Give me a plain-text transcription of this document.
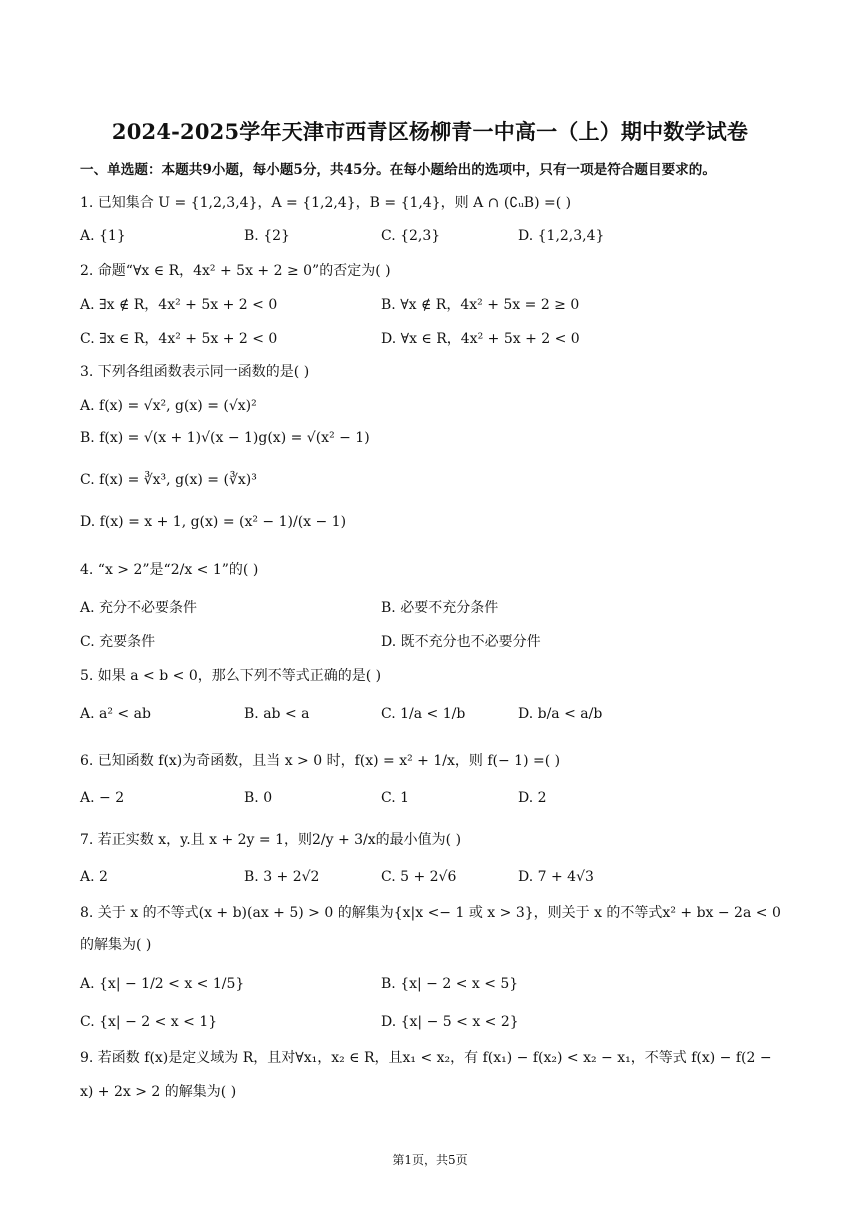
2024-2025学年天津市西青区杨柳青一中高一（上）期中数学试卷
一、单选题：本题共9小题，每小题5分，共45分。在每小题给出的选项中，只有一项是符合题目要求的。
1. 已知集合 U = {1,2,3,4}，A = {1,2,4}，B = {1,4}，则 A ∩ (∁ᵤB) =( )
A. {1}	B. {2}	C. {2,3}	D. {1,2,3,4}
2. 命题“∀x ∈ R，4x² + 5x + 2 ≥ 0”的否定为( )
A. ∃x ∉ R，4x² + 5x + 2 < 0	B. ∀x ∉ R，4x² + 5x = 2 ≥ 0
C. ∃x ∈ R，4x² + 5x + 2 < 0	D. ∀x ∈ R，4x² + 5x + 2 < 0
3. 下列各组函数表示同一函数的是( )
A. f(x) = √x², g(x) = (√x)²
B. f(x) = √(x + 1)√(x − 1)g(x) = √(x² − 1)
C. f(x) = ∛x³, g(x) = (∛x)³
D. f(x) = x + 1, g(x) = (x² − 1)/(x − 1)
4. “x > 2”是“2/x < 1”的( )
A. 充分不必要条件	B. 必要不充分条件
C. 充要条件	D. 既不充分也不必要分件
5. 如果 a < b < 0，那么下列不等式正确的是( )
A. a² < ab	B. ab < a	C. 1/a < 1/b	D. b/a < a/b
6. 已知函数 f(x)为奇函数，且当 x > 0 时，f(x) = x² + 1/x，则 f(− 1) =( )
A. − 2	B. 0	C. 1	D. 2
7. 若正实数 x，y.且 x + 2y = 1，则2/y + 3/x的最小值为( )
A. 2	B. 3 + 2√2	C. 5 + 2√6	D. 7 + 4√3
8. 关于 x 的不等式(x + b)(ax + 5) > 0 的解集为{x|x <− 1 或 x > 3}，则关于 x 的不等式x² + bx − 2a < 0
的解集为( )
A. {x| − 1/2 < x < 1/5}	B. {x| − 2 < x < 5}
C. {x| − 2 < x < 1}	D. {x| − 5 < x < 2}
9. 若函数 f(x)是定义域为 R，且对∀x₁，x₂ ∈ R，且x₁ < x₂，有 f(x₁) − f(x₂) < x₂ − x₁，不等式 f(x) − f(2 −
x) + 2x > 2 的解集为( )
第1页，共5页
